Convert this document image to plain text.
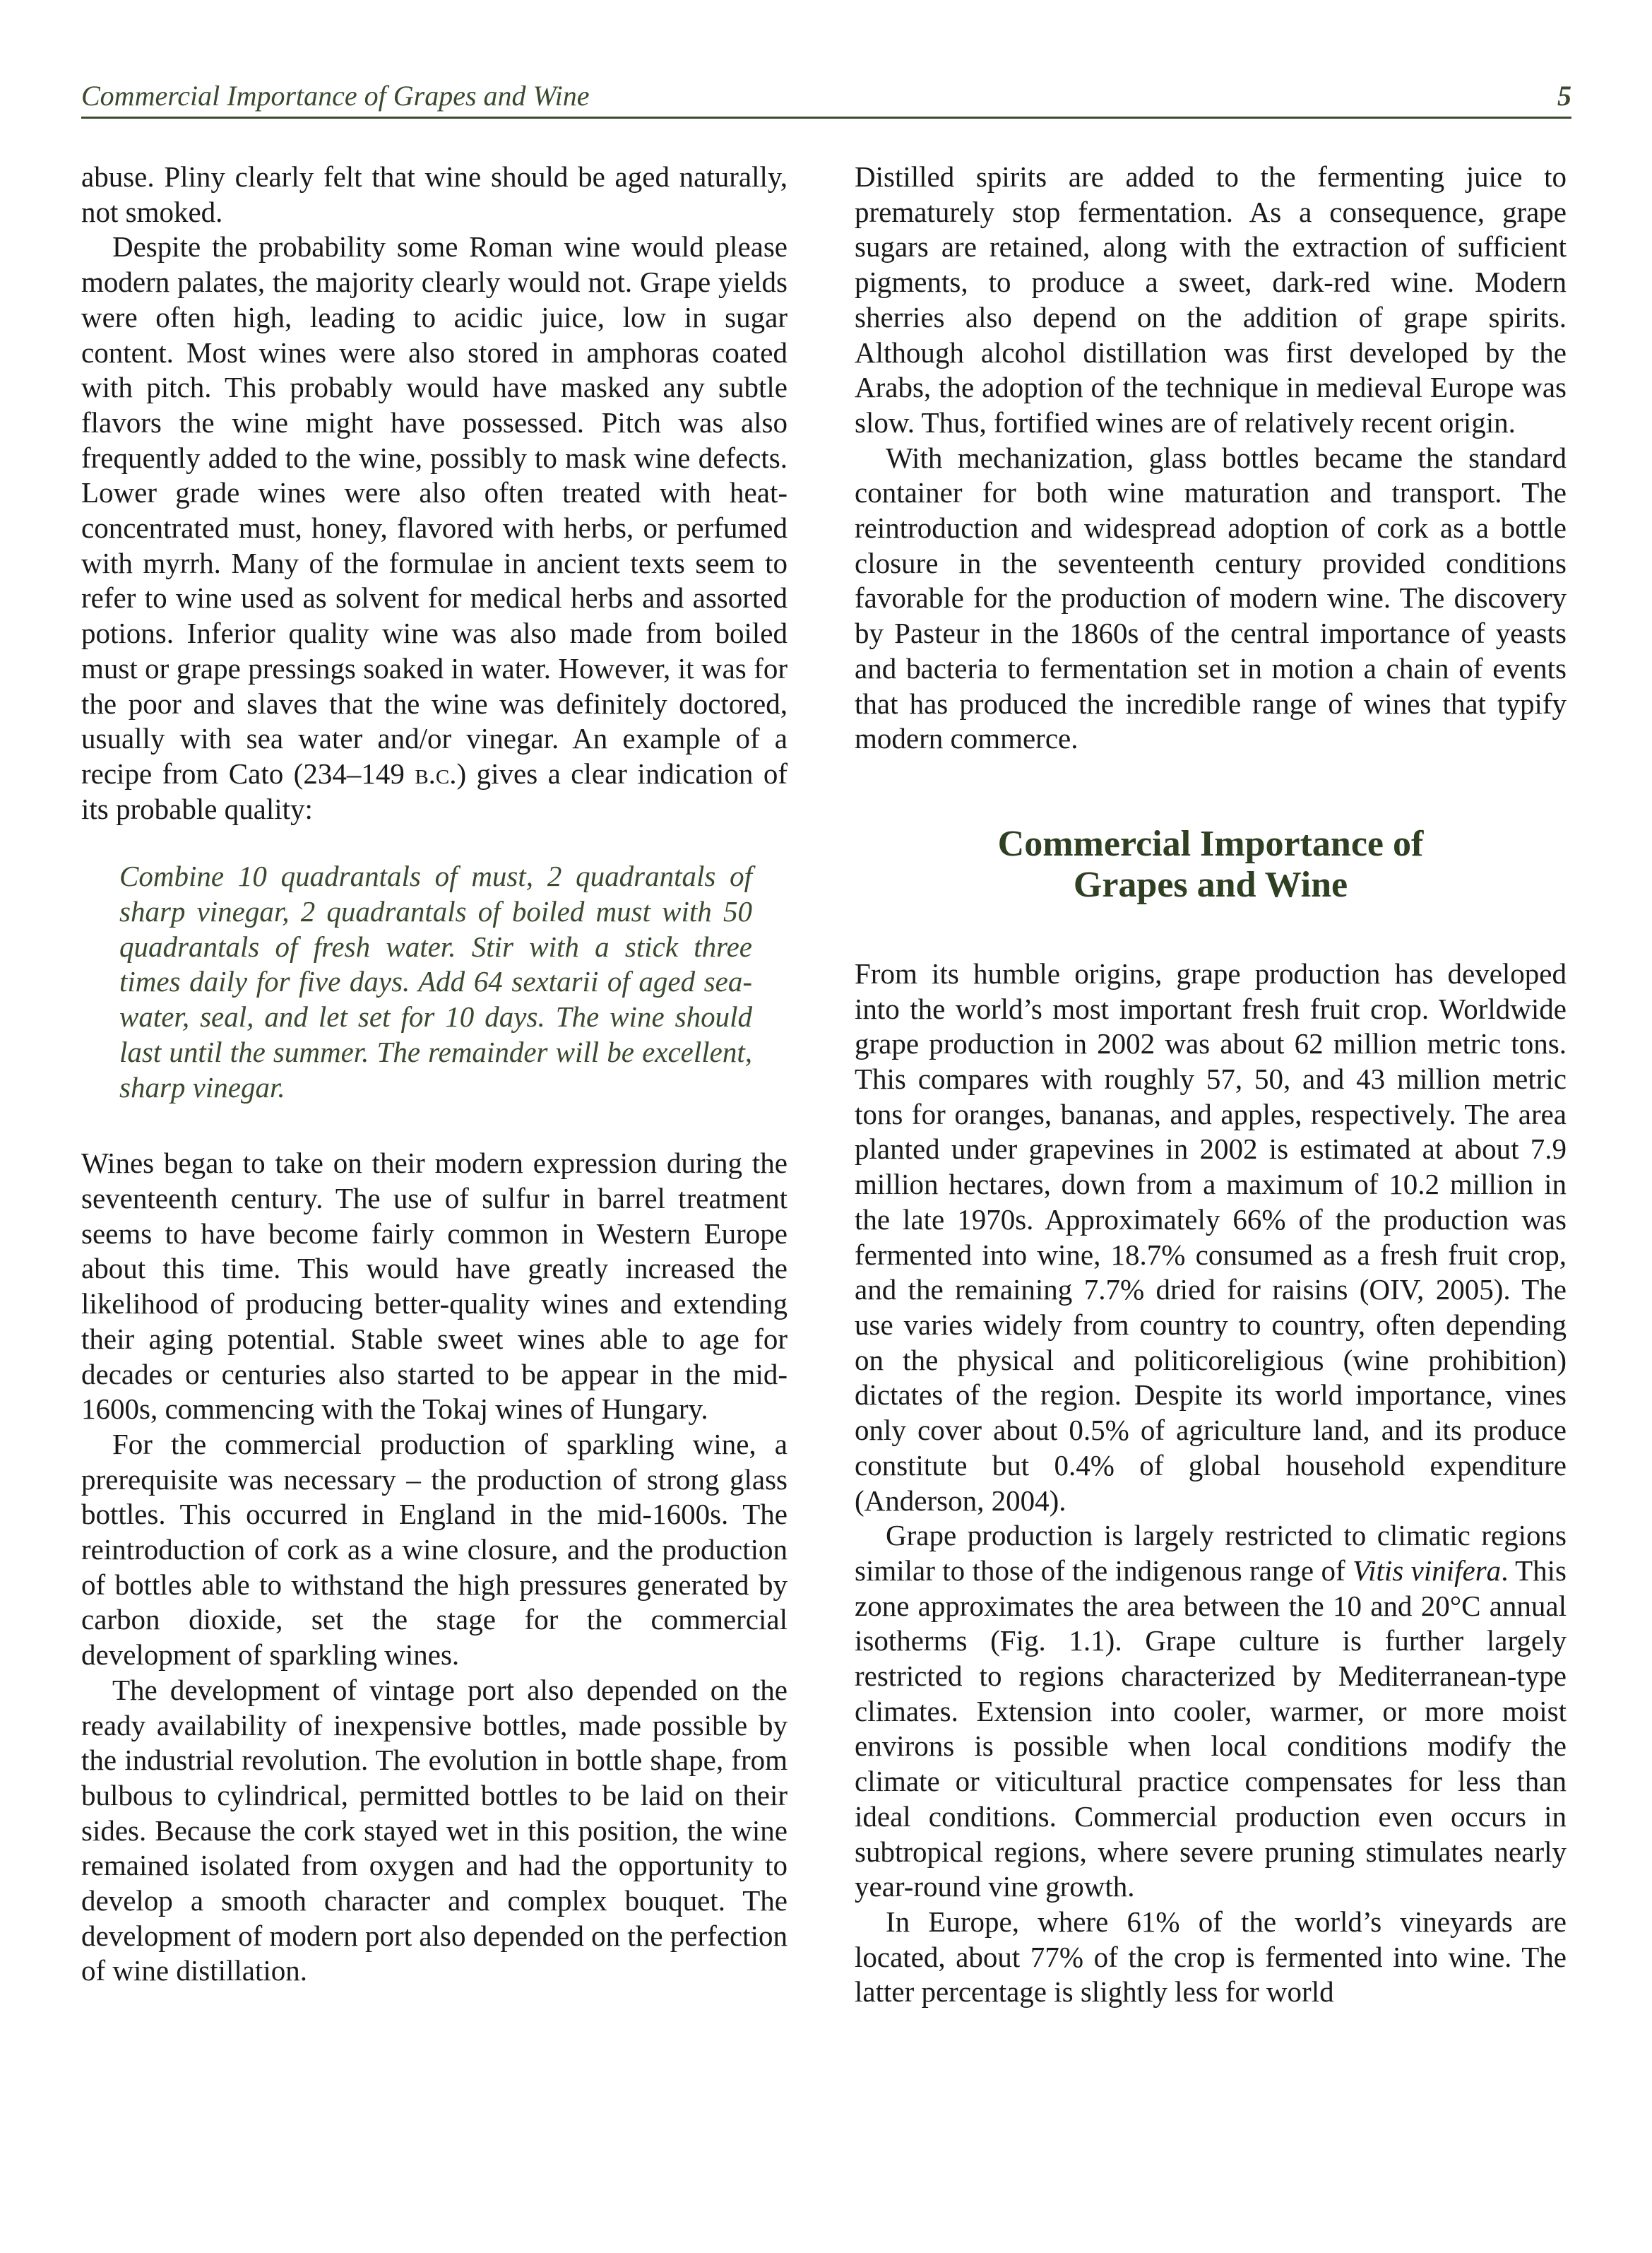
Commercial Importance of Grapes and Wine	5

abuse. Pliny clearly felt that wine should be aged naturally, not smoked.

Despite the probability some Roman wine would please modern palates, the majority clearly would not. Grape yields were often high, leading to acidic juice, low in sugar content. Most wines were also stored in amphoras coated with pitch. This probably would have masked any subtle flavors the wine might have possessed. Pitch was also frequently added to the wine, possibly to mask wine defects. Lower grade wines were also often treated with heat-concentrated must, honey, flavored with herbs, or perfumed with myrrh. Many of the formulae in ancient texts seem to refer to wine used as solvent for medical herbs and assorted potions. Inferior quality wine was also made from boiled must or grape pressings soaked in water. However, it was for the poor and slaves that the wine was definitely doctored, usually with sea water and/or vinegar. An example of a recipe from Cato (234–149 b.c.) gives a clear indication of its probable quality:

Combine 10 quadrantals of must, 2 quadrantals of sharp vinegar, 2 quadrantals of boiled must with 50 quadrantals of fresh water. Stir with a stick three times daily for five days. Add 64 sextarii of aged sea-water, seal, and let set for 10 days. The wine should last until the summer. The remainder will be excellent, sharp vinegar.

Wines began to take on their modern expression during the seventeenth century. The use of sulfur in barrel treatment seems to have become fairly common in Western Europe about this time. This would have greatly increased the likelihood of producing better-quality wines and extending their aging potential. Stable sweet wines able to age for decades or centuries also started to be appear in the mid-1600s, commencing with the Tokaj wines of Hungary.

For the commercial production of sparkling wine, a prerequisite was necessary – the production of strong glass bottles. This occurred in England in the mid-1600s. The reintroduction of cork as a wine closure, and the production of bottles able to withstand the high pressures generated by carbon dioxide, set the stage for the commercial development of sparkling wines.

The development of vintage port also depended on the ready availability of inexpensive bottles, made possible by the industrial revolution. The evolution in bottle shape, from bulbous to cylindrical, permitted bottles to be laid on their sides. Because the cork stayed wet in this position, the wine remained isolated from oxygen and had the opportunity to develop a smooth character and complex bouquet. The development of modern port also depended on the perfection of wine distillation.

Distilled spirits are added to the fermenting juice to prematurely stop fermentation. As a consequence, grape sugars are retained, along with the extraction of sufficient pigments, to produce a sweet, dark-red wine. Modern sherries also depend on the addition of grape spirits. Although alcohol distillation was first developed by the Arabs, the adoption of the technique in medieval Europe was slow. Thus, fortified wines are of relatively recent origin.

With mechanization, glass bottles became the standard container for both wine maturation and transport. The reintroduction and widespread adoption of cork as a bottle closure in the seventeenth century provided conditions favorable for the production of modern wine. The discovery by Pasteur in the 1860s of the central importance of yeasts and bacteria to fermentation set in motion a chain of events that has produced the incredible range of wines that typify modern commerce.

Commercial Importance of
Grapes and Wine

From its humble origins, grape production has developed into the world’s most important fresh fruit crop. Worldwide grape production in 2002 was about 62 million metric tons. This compares with roughly 57, 50, and 43 million metric tons for oranges, bananas, and apples, respectively. The area planted under grapevines in 2002 is estimated at about 7.9 million hectares, down from a maximum of 10.2 million in the late 1970s. Approximately 66% of the production was fermented into wine, 18.7% consumed as a fresh fruit crop, and the remaining 7.7% dried for raisins (OIV, 2005). The use varies widely from country to country, often depending on the physical and politicoreligious (wine prohibition) dictates of the region. Despite its world importance, vines only cover about 0.5% of agriculture land, and its produce constitute but 0.4% of global household expenditure (Anderson, 2004).

Grape production is largely restricted to climatic regions similar to those of the indigenous range of Vitis vinifera. This zone approximates the area between the 10 and 20°C annual isotherms (Fig. 1.1). Grape culture is further largely restricted to regions characterized by Mediterranean-type climates. Extension into cooler, warmer, or more moist environs is possible when local conditions modify the climate or viticultural practice compensates for less than ideal conditions. Commercial production even occurs in subtropical regions, where severe pruning stimulates nearly year-round vine growth.

In Europe, where 61% of the world’s vineyards are located, about 77% of the crop is fermented into wine. The latter percentage is slightly less for world
